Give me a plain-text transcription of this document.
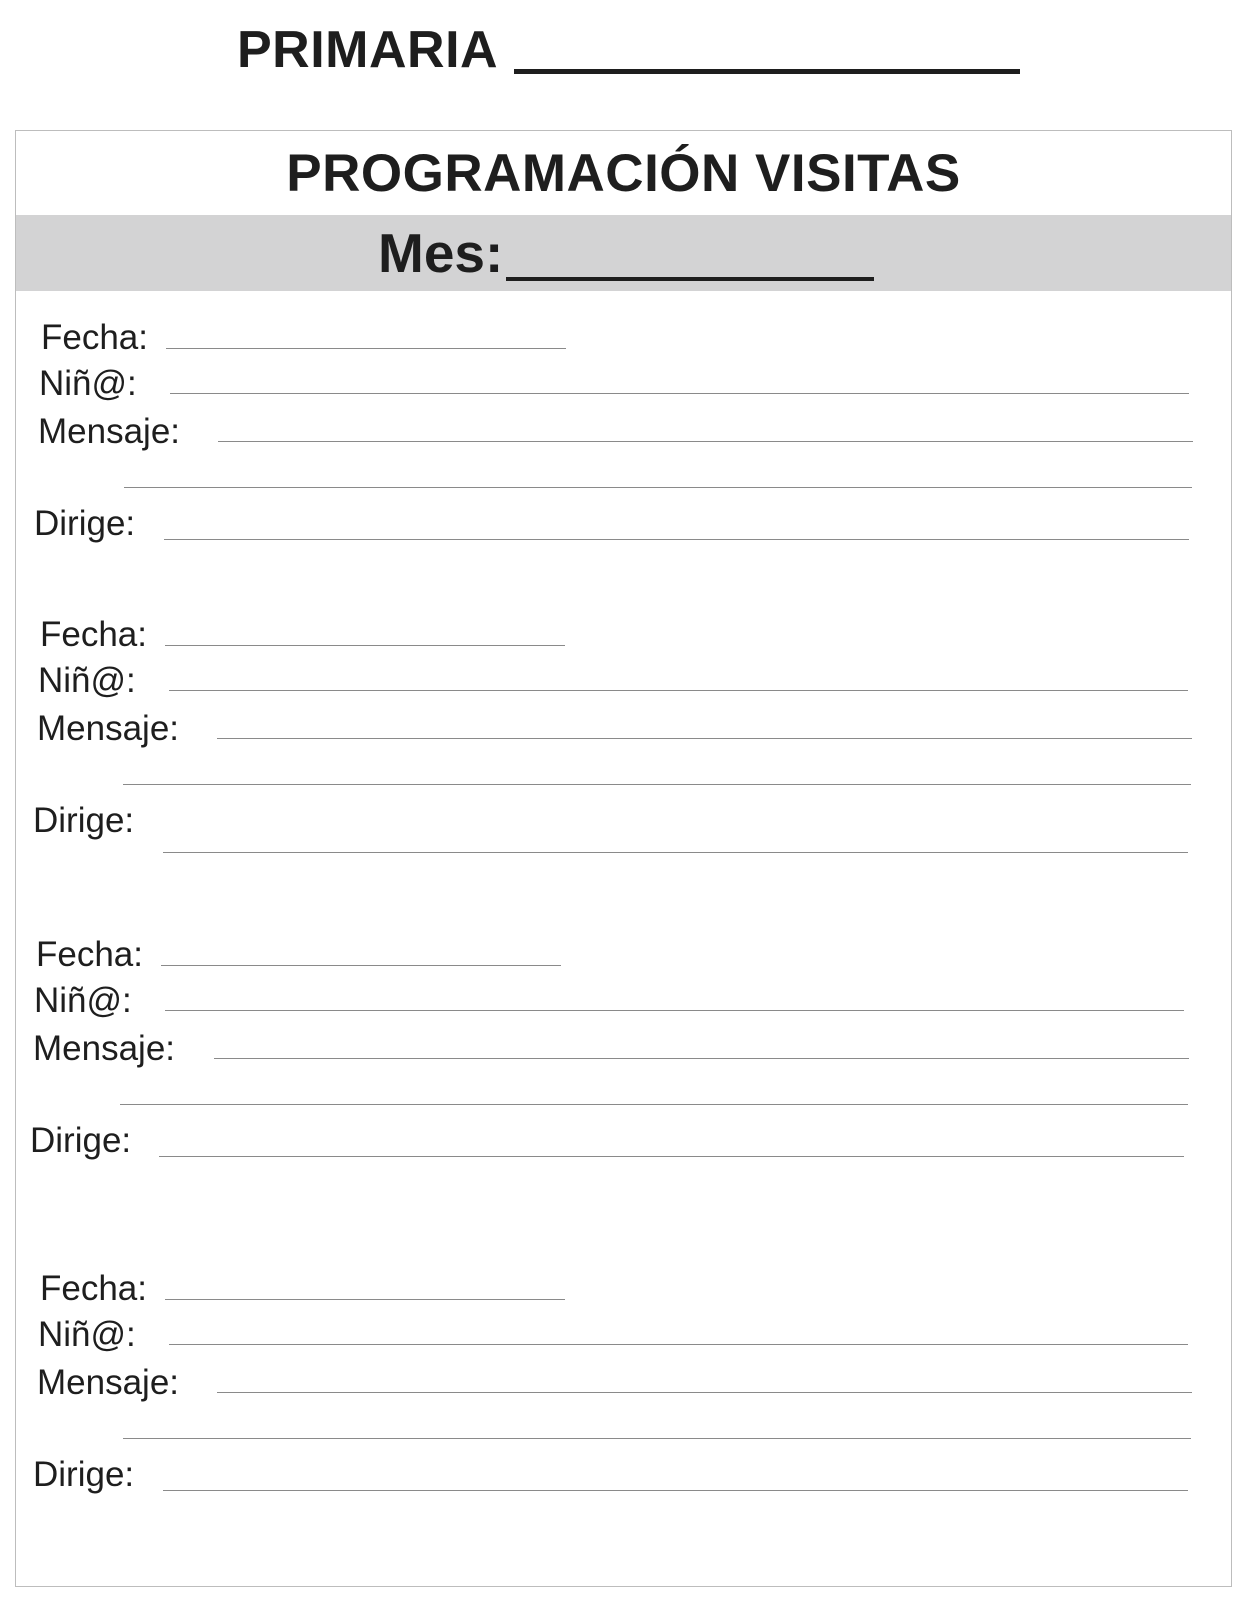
PRIMARIA
PROGRAMACIÓN VISITAS
Mes:
Fecha:
Niñ@:
Mensaje:
Dirige:
Fecha:
Niñ@:
Mensaje:
Dirige:
Fecha:
Niñ@:
Mensaje:
Dirige:
Fecha:
Niñ@:
Mensaje:
Dirige:
